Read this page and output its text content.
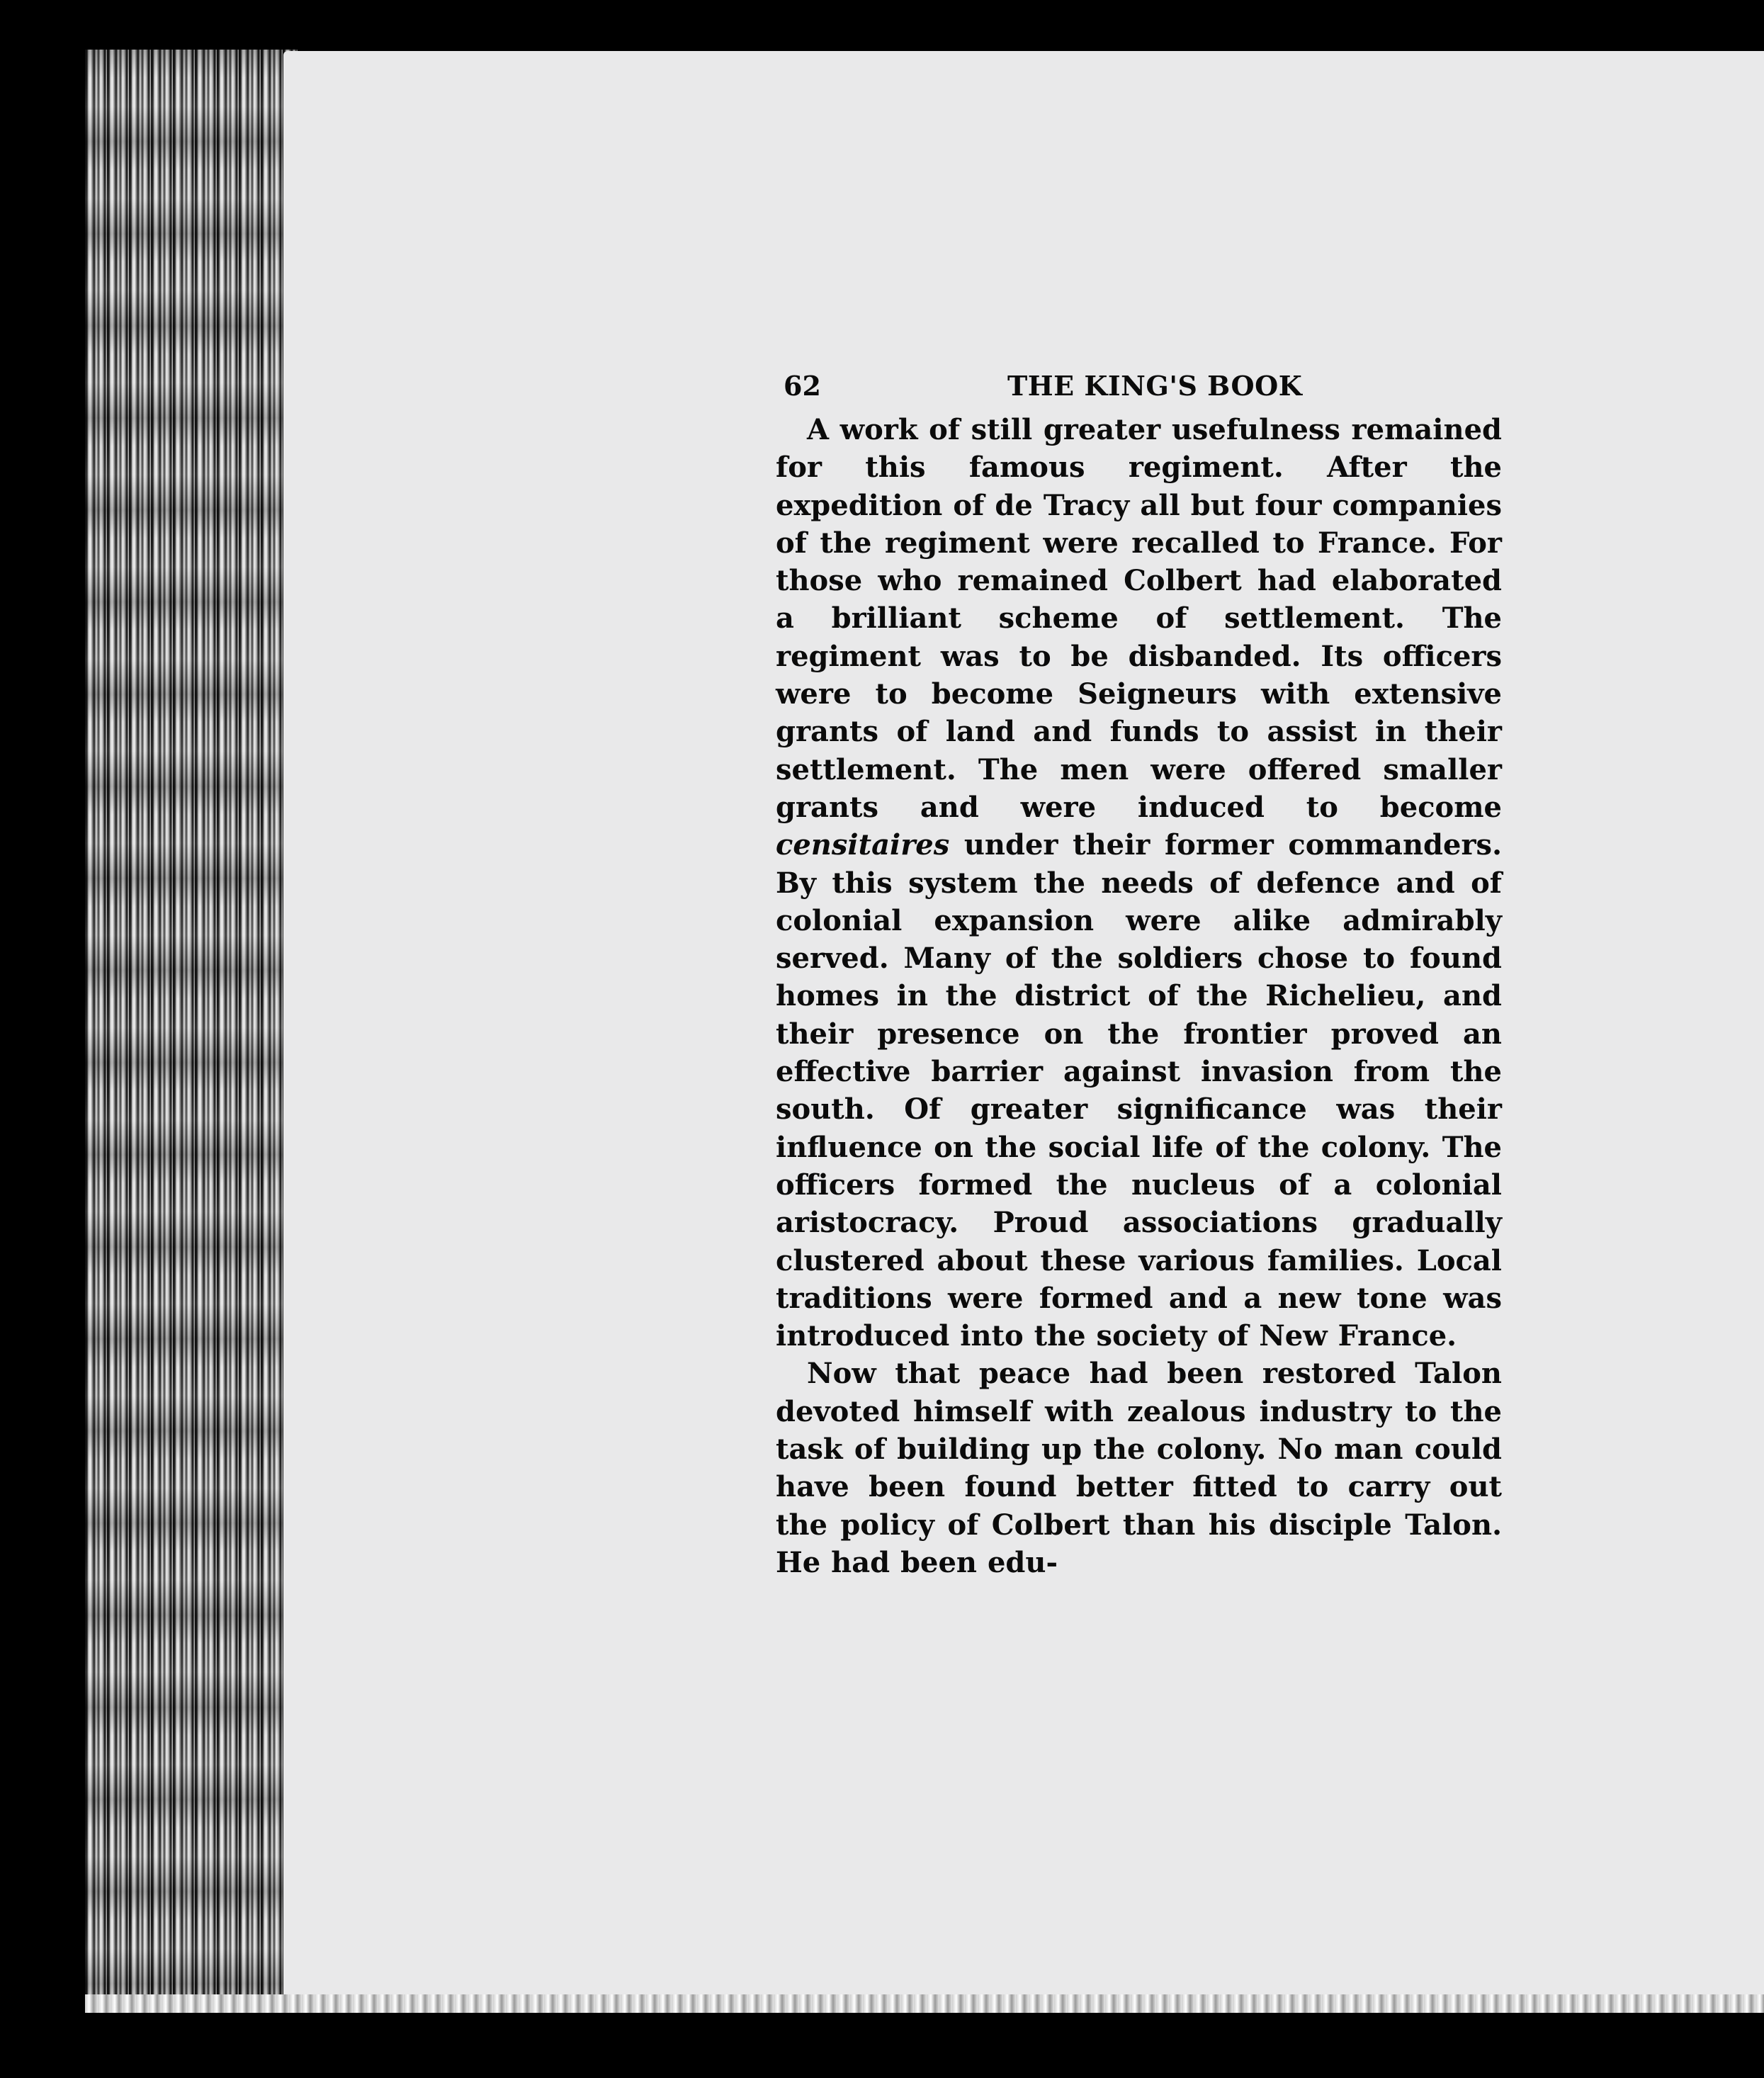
62	THE KING'S BOOK

A work of still greater usefulness remained for this famous regiment. After the expedition of de Tracy all but four companies of the regiment were recalled to France. For those who remained Colbert had elaborated a brilliant scheme of settlement. The regiment was to be disbanded. Its officers were to become Seigneurs with extensive grants of land and funds to assist in their settlement. The men were offered smaller grants and were induced to become censitaires under their former commanders. By this system the needs of defence and of colonial expansion were alike admirably served. Many of the soldiers chose to found homes in the district of the Richelieu, and their presence on the frontier proved an effective barrier against invasion from the south. Of greater significance was their influence on the social life of the colony. The officers formed the nucleus of a colonial aristocracy. Proud associations gradually clustered about these various families. Local traditions were formed and a new tone was introduced into the society of New France.

Now that peace had been restored Talon devoted himself with zealous industry to the task of building up the colony. No man could have been found better fitted to carry out the policy of Colbert than his disciple Talon. He had been edu-
